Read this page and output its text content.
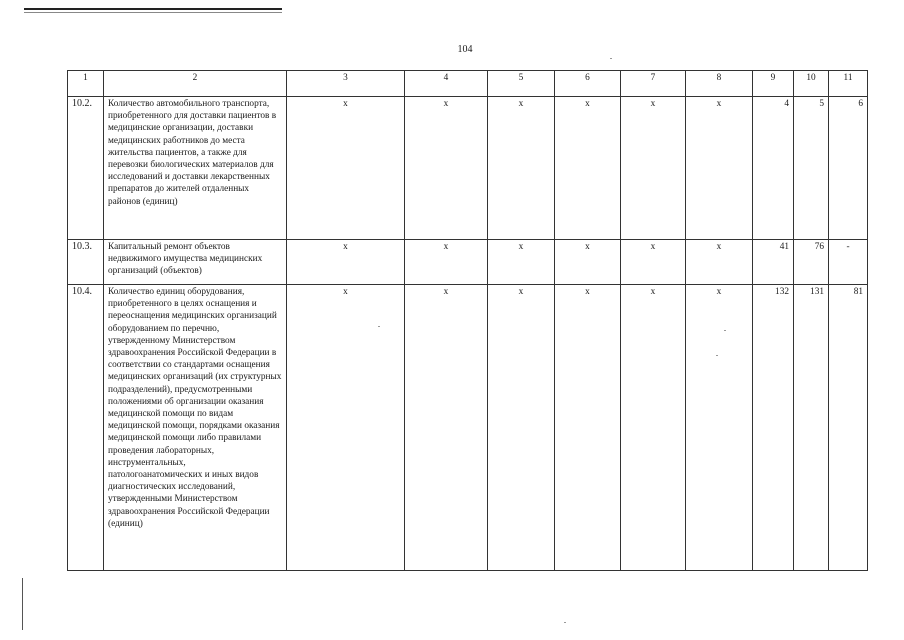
104
1	2	3	4	5	6	7	8	9	10	11
10.2.	Количество автомобильного транспорта, приобретенного для доставки пациентов в медицинские организации, доставки медицинских работников до места жительства пациентов, а также для перевозки биологических материалов для исследований и доставки лекарственных препаратов до жителей отдаленных районов (единиц)	х	х	х	х	х	х	4	5	6
10.3.	Капитальный ремонт объектов недвижимого имущества медицинских организаций (объектов)	х	х	х	х	х	х	41	76	-
10.4.	Количество единиц оборудования, приобретенного в целях оснащения и переоснащения медицинских организаций оборудованием по перечню, утвержденному Министерством здравоохранения Российской Федерации в соответствии со стандартами оснащения медицинских организаций (их структурных подразделений), предусмотренными положениями об организации оказания медицинской помощи по видам медицинской помощи, порядками оказания медицинской помощи либо правилами проведения лабораторных, инструментальных, патологоанатомических и иных видов диагностических исследований, утвержденными Министерством здравоохранения Российской Федерации (единиц)	х	х	х	х	х	х	132	131	81
